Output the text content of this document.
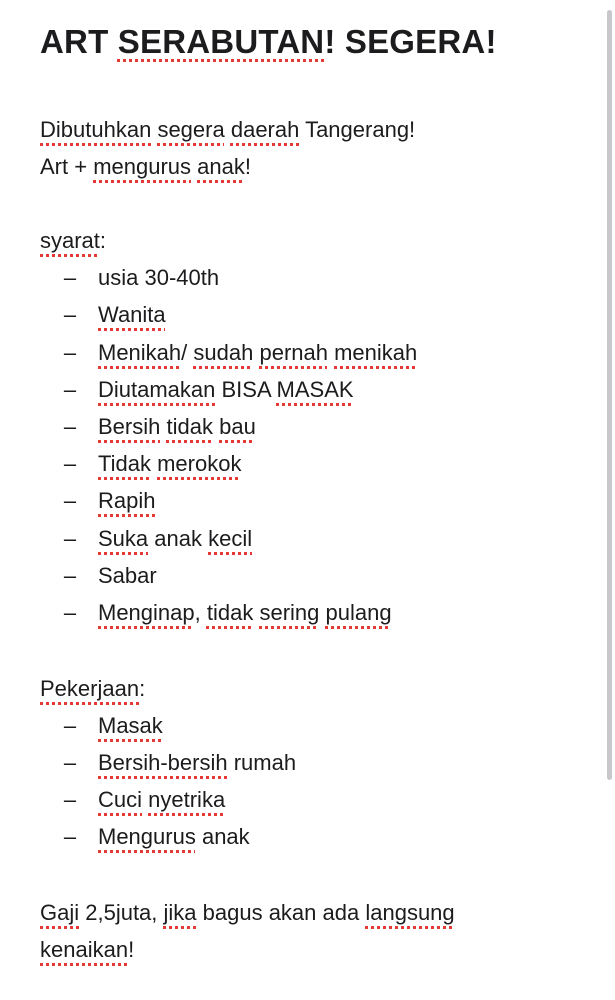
ART SERABUTAN! SEGERA!
Dibutuhkan segera daerah Tangerang!
Art + mengurus anak!
syarat:
– usia 30-40th
– Wanita
– Menikah/ sudah pernah menikah
– Diutamakan BISA MASAK
– Bersih tidak bau
– Tidak merokok
– Rapih
– Suka anak kecil
– Sabar
– Menginap, tidak sering pulang
Pekerjaan:
– Masak
– Bersih-bersih rumah
– Cuci nyetrika
– Mengurus anak
Gaji 2,5juta, jika bagus akan ada langsung
kenaikan!
